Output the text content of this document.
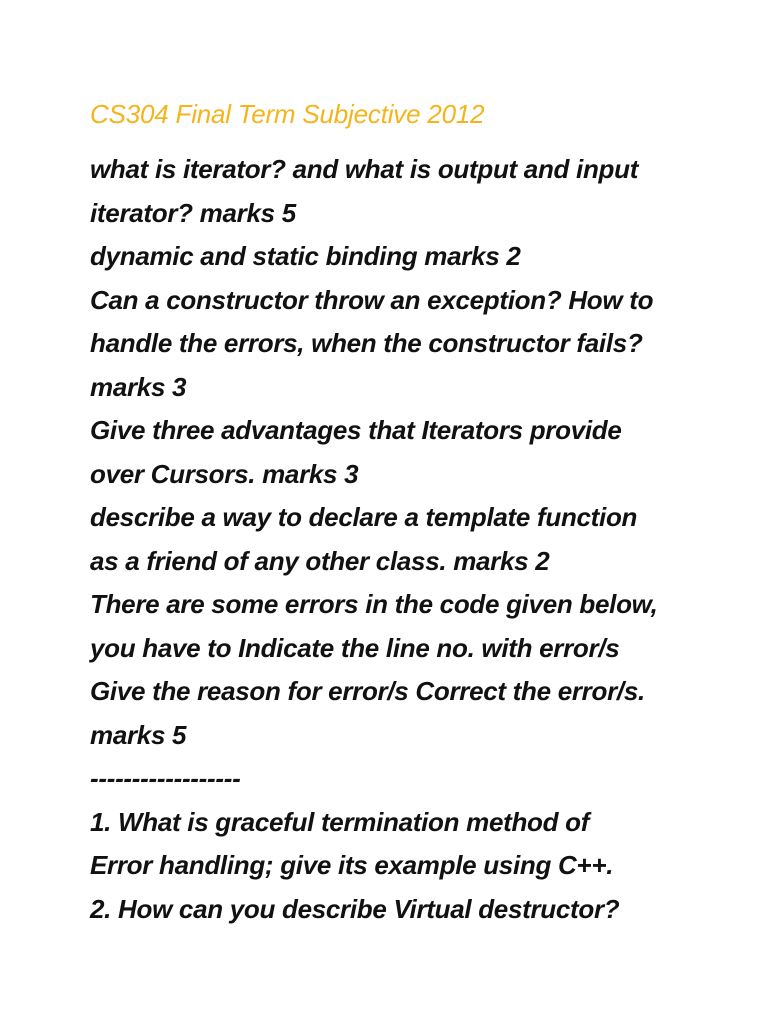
CS304 Final Term Subjective 2012
what is iterator? and what is output and input
iterator? marks 5
dynamic and static binding marks 2
Can a constructor throw an exception? How to
handle the errors, when the constructor fails?
marks 3
Give three advantages that Iterators provide
over Cursors. marks 3
describe a way to declare a template function
as a friend of any other class. marks 2
There are some errors in the code given below,
you have to Indicate the line no. with error/s
Give the reason for error/s Correct the error/s.
marks 5
------------------
1. What is graceful termination method of
Error handling; give its example using C++.
2. How can you describe Virtual destructor?
